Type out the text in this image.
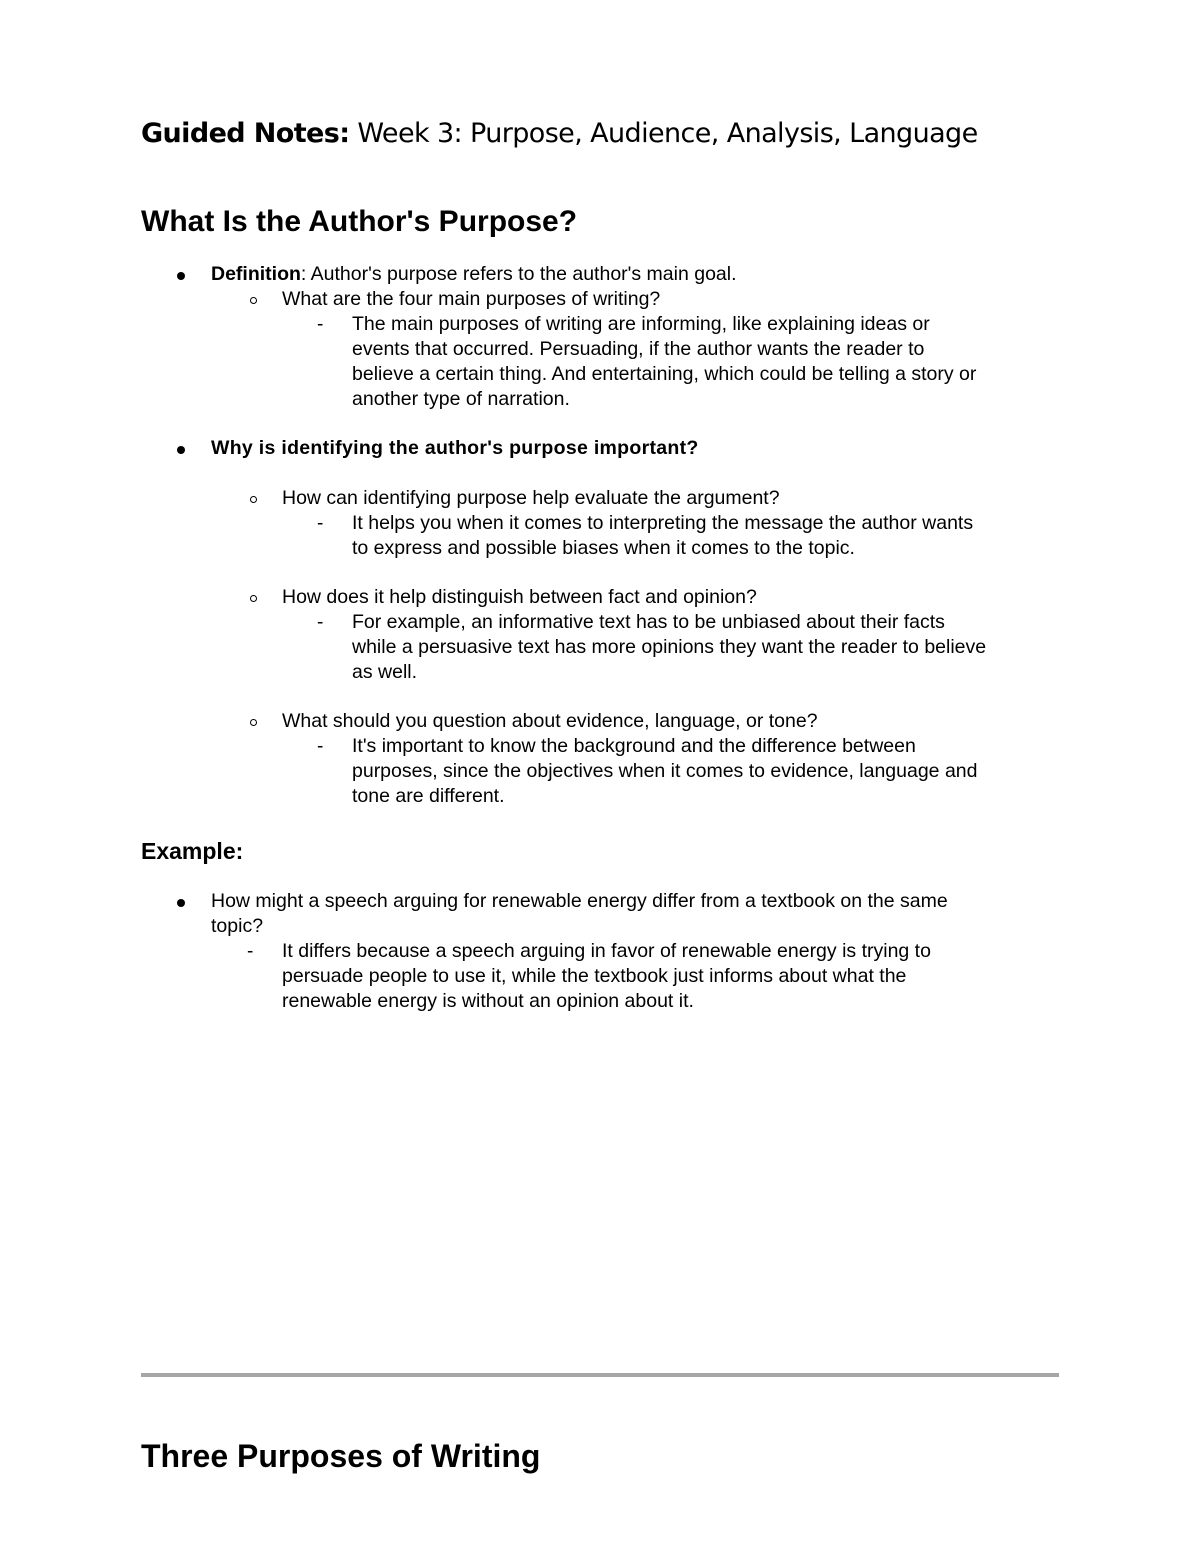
Guided Notes: Week 3: Purpose, Audience, Analysis, Language
What Is the Author's Purpose?
Definition: Author's purpose refers to the author's main goal.
What are the four main purposes of writing?
- The main purposes of writing are informing, like explaining ideas or
events that occurred. Persuading, if the author wants the reader to
believe a certain thing. And entertaining, which could be telling a story or
another type of narration.
Why is identifying the author's purpose important?
How can identifying purpose help evaluate the argument?
- It helps you when it comes to interpreting the message the author wants
to express and possible biases when it comes to the topic.
How does it help distinguish between fact and opinion?
- For example, an informative text has to be unbiased about their facts
while a persuasive text has more opinions they want the reader to believe
as well.
What should you question about evidence, language, or tone?
- It's important to know the background and the difference between
purposes, since the objectives when it comes to evidence, language and
tone are different.
Example:
How might a speech arguing for renewable energy differ from a textbook on the same
topic?
- It differs because a speech arguing in favor of renewable energy is trying to
persuade people to use it, while the textbook just informs about what the
renewable energy is without an opinion about it.
Three Purposes of Writing
